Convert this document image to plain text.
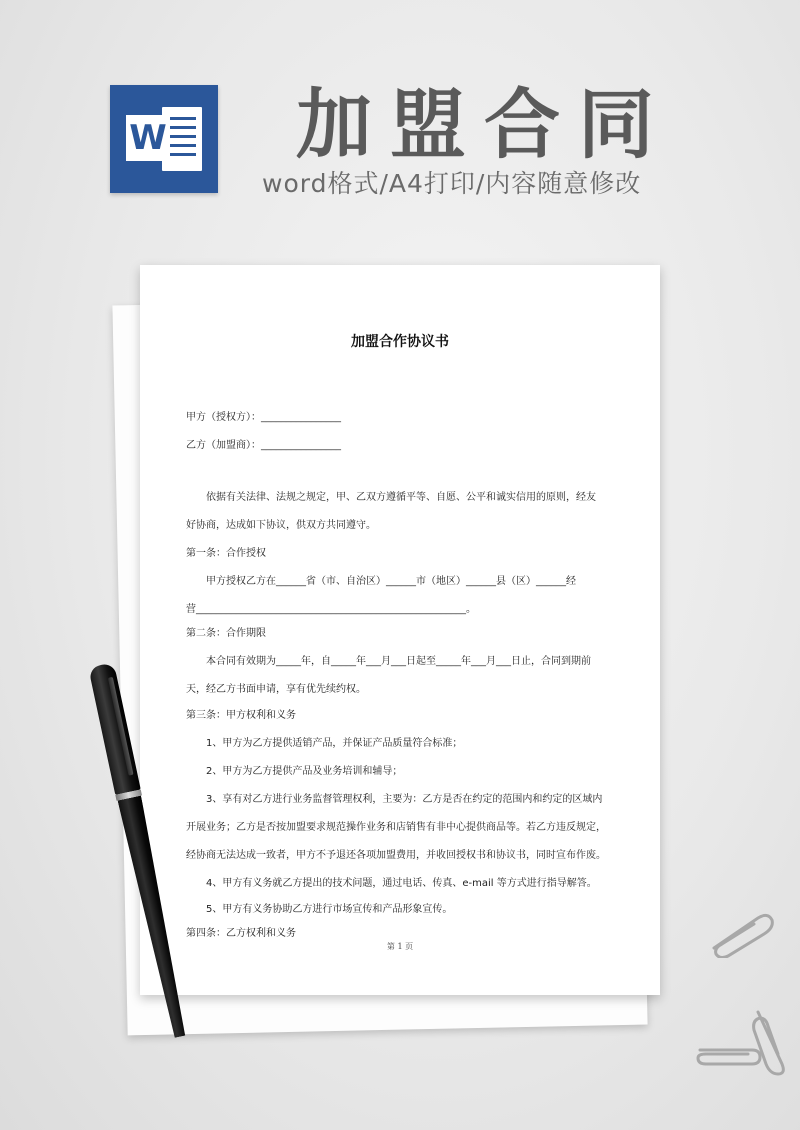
W 加盟合同
word格式/A4打印/内容随意修改
加盟合作协议书
甲方（授权方）：________________
乙方（加盟商）：________________
依据有关法律、法规之规定，甲、乙双方遵循平等、自愿、公平和诚实信用的原则，经友
好协商，达成如下协议，供双方共同遵守。
第一条：合作授权
甲方授权乙方在______省（市、自治区）______市（地区）______县（区）______经
营______________________________________________________。
第二条：合作期限
本合同有效期为_____年，自_____年___月___日起至_____年___月___日止，合同到期前
天，经乙方书面申请，享有优先续约权。
第三条：甲方权利和义务
1、甲方为乙方提供适销产品，并保证产品质量符合标准；
2、甲方为乙方提供产品及业务培训和辅导；
3、享有对乙方进行业务监督管理权利，主要为：乙方是否在约定的范围内和约定的区域内
开展业务；乙方是否按加盟要求规范操作业务和店销售有非中心提供商品等。若乙方违反规定，
经协商无法达成一致者，甲方不予退还各项加盟费用，并收回授权书和协议书，同时宣布作废。
4、甲方有义务就乙方提出的技术问题，通过电话、传真、e-mail 等方式进行指导解答。
5、甲方有义务协助乙方进行市场宣传和产品形象宣传。
第四条：乙方权利和义务
第 1 页
